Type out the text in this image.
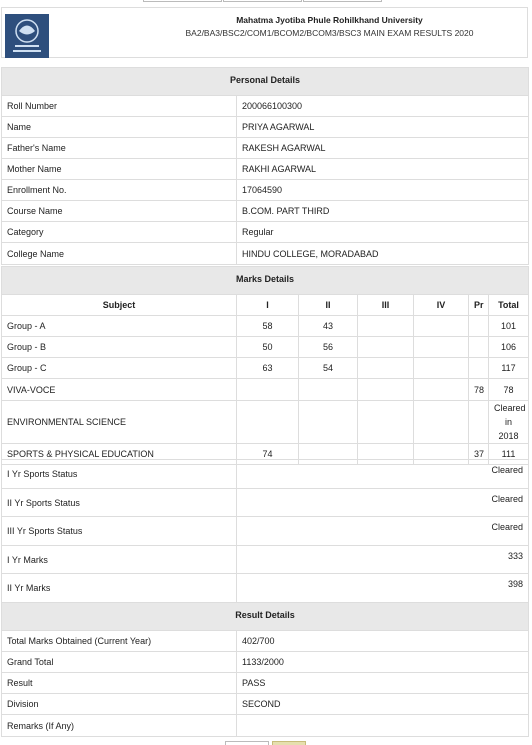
Mahatma Jyotiba Phule Rohilkhand University
BA2/BA3/BSC2/COM1/BCOM2/BCOM3/BSC3 MAIN EXAM RESULTS 2020
Personal Details	
Roll Number	200066100300
Name	PRIYA AGARWAL
Father's Name	RAKESH AGARWAL
Mother Name	RAKHI AGARWAL
Enrollment No.	17064590
Course Name	B.COM. PART THIRD
Category	Regular
College Name	HINDU COLLEGE, MORADABAD
Marks Details						
Subject	I	II	III	IV	Pr	Total
Group - A	58	43				101
Group - B	50	56				106
Group - C	63	54				117
VIVA-VOCE					78	78
ENVIRONMENTAL SCIENCE						Cleared in 2018
SPORTS & PHYSICAL EDUCATION	74				37	111
I Yr Sports Status	Cleared
II Yr Sports Status	Cleared
III Yr Sports Status	Cleared
I Yr Marks	333
II Yr Marks	398
Result Details	
Total Marks Obtained (Current Year)	402/700
Grand Total	1133/2000
Result	PASS
Division	SECOND
Remarks (If Any)	
